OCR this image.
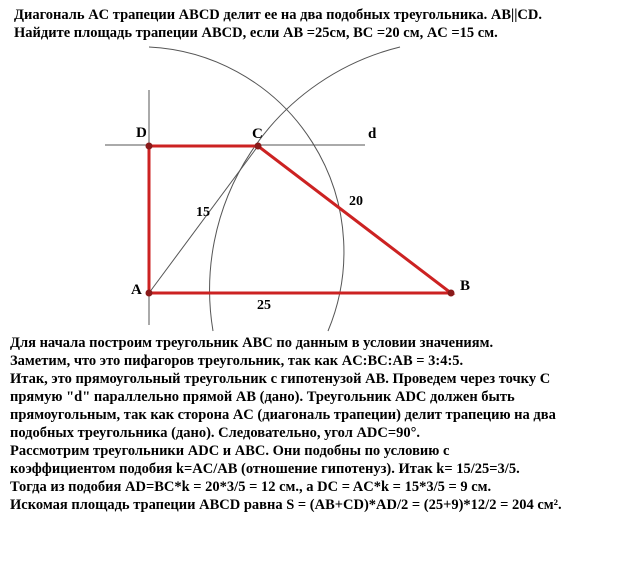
Диагональ AC трапеции ABCD делит ее на два подобных треугольника. AB||CD.
Найдите площадь трапеции ABCD, если AB =25см, BC =20 см, AC =15 см.
D	C	d
A	B
15
20
25
Для начала построим треугольник ABC по данным в условии значениям.
Заметим, что это пифагоров треугольник, так как AC:BC:AB = 3:4:5.
Итак, это прямоугольный треугольник с гипотенузой AB. Проведем через точку С
прямую "d" параллельно прямой AB (дано). Треугольник ADC должен быть
прямоугольным, так как сторона AC (диагональ трапеции) делит трапецию на два
подобных треугольника (дано). Следовательно, угол ADC=90°.
Рассмотрим треугольники ADC и ABC. Они подобны по условию с
коэффициентом подобия k=AC/AB (отношение гипотенуз). Итак k= 15/25=3/5.
Тогда из подобия AD=BC*k = 20*3/5 = 12 см., а DC = AC*k = 15*3/5 = 9 см.
Искомая площадь трапеции ABCD равна S = (AB+CD)*AD/2 = (25+9)*12/2 = 204 см².
